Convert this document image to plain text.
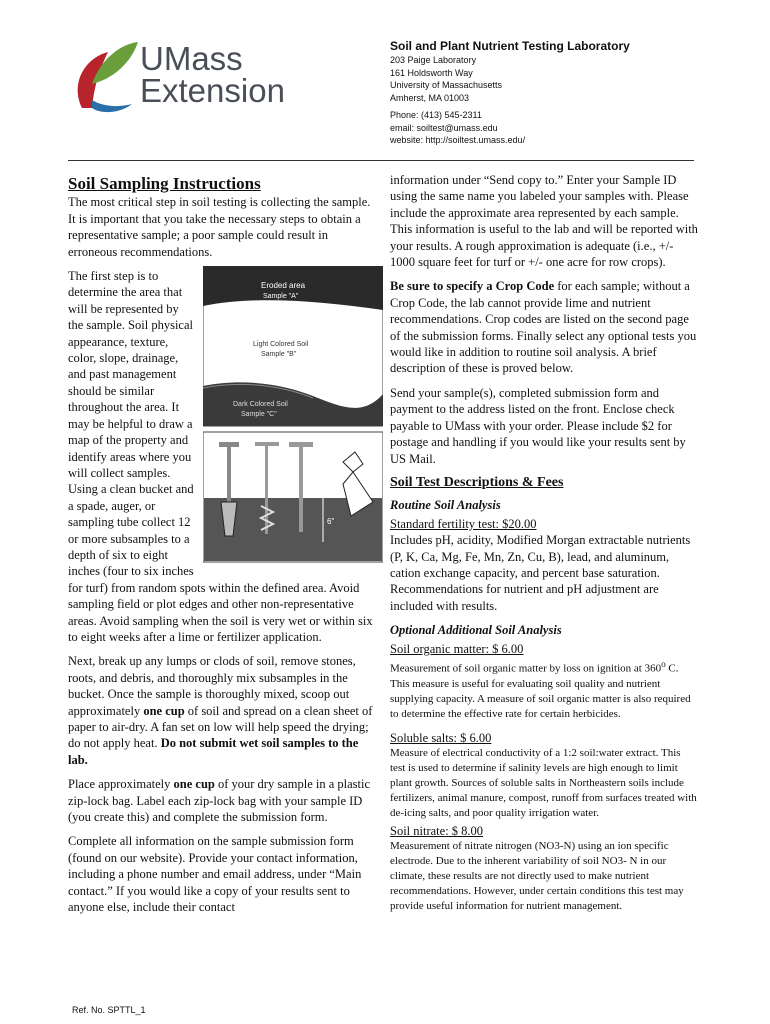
UMass
Extension
Soil and Plant Nutrient Testing Laboratory
203 Paige Laboratory
161 Holdsworth Way
University of Massachusetts
Amherst, MA 01003
Phone: (413) 545-2311
email: soiltest@umass.edu
website: http://soiltest.umass.edu/
Soil Sampling Instructions

The most critical step in soil testing is collecting the sample. It is important that you take the necessary steps to obtain a representative sample; a poor sample could result in erroneous recommendations.

Eroded area
Sample "A"
Light Colored Soil
Sample "B"
Dark Colored Soil
Sample "C"
6"

The first step is to determine the area that will be represented by the sample. Soil physical appearance, texture, color, slope, drainage, and past management should be similar throughout the area. It may be helpful to draw a map of the property and identify areas where you will collect samples. Using a clean bucket and a spade, auger, or sampling tube collect 12 or more subsamples to a depth of six to eight inches (four to six inches for turf) from random spots within the defined area. Avoid sampling field or plot edges and other non-representative areas. Avoid sampling when the soil is very wet or within six to eight weeks after a lime or fertilizer application.

Next, break up any lumps or clods of soil, remove stones, roots, and debris, and thoroughly mix subsamples in the bucket. Once the sample is thoroughly mixed, scoop out approximately one cup of soil and spread on a clean sheet of paper to air-dry. A fan set on low will help speed the drying; do not apply heat. Do not submit wet soil samples to the lab.

Place approximately one cup of your dry sample in a plastic zip-lock bag. Label each zip-lock bag with your sample ID (you create this) and complete the submission form.

Complete all information on the sample submission form (found on our website). Provide your contact information, including a phone number and email address, under “Main contact.” If you would like a copy of your results sent to anyone else, include their contact

information under “Send copy to.” Enter your Sample ID using the same name you labeled your samples with. Please include the approximate area represented by each sample. This information is useful to the lab and will be reported with your results. A rough approximation is adequate (i.e., +/- 1000 square feet for turf or +/- one acre for row crops).

Be sure to specify a Crop Code for each sample; without a Crop Code, the lab cannot provide lime and nutrient recommendations. Crop codes are listed on the second page of the submission forms. Finally select any optional tests you would like in addition to routine soil analysis. A brief description of these is proved below.

Send your sample(s), completed submission form and payment to the address listed on the front. Enclose check payable to UMass with your order. Please include $2 for postage and handling if you would like your results sent by US Mail.

Soil Test Descriptions & Fees
Routine Soil Analysis
Standard fertility test: $20.00

Includes pH, acidity, Modified Morgan extractable nutrients (P, K, Ca, Mg, Fe, Mn, Zn, Cu, B), lead, and aluminum, cation exchange capacity, and percent base saturation. Recommendations for nutrient and pH adjustment are included with results.

Optional Additional Soil Analysis
Soil organic matter: $ 6.00

Measurement of soil organic matter by loss on ignition at 360$^o$ C. This measure is useful for evaluating soil quality and nutrient supplying capacity. A measure of soil organic matter is also required to determine the effective rate for certain herbicides.

Soluble salts: $ 6.00

Measure of electrical conductivity of a 1:2 soil:water extract. This test is used to determine if salinity levels are high enough to limit plant growth. Sources of soluble salts in Northeastern soils include fertilizers, animal manure, compost, runoff from surfaces treated with de-icing salts, and poor quality irrigation water.

Soil nitrate: $ 8.00

Measurement of nitrate nitrogen (NO3-N) using an ion specific electrode. Due to the inherent variability of soil NO3- N in our climate, these results are not directly used to make nutrient recommendations. However, under certain conditions this test may provide useful information for nutrient management.

Ref. No. SPTTL_1
